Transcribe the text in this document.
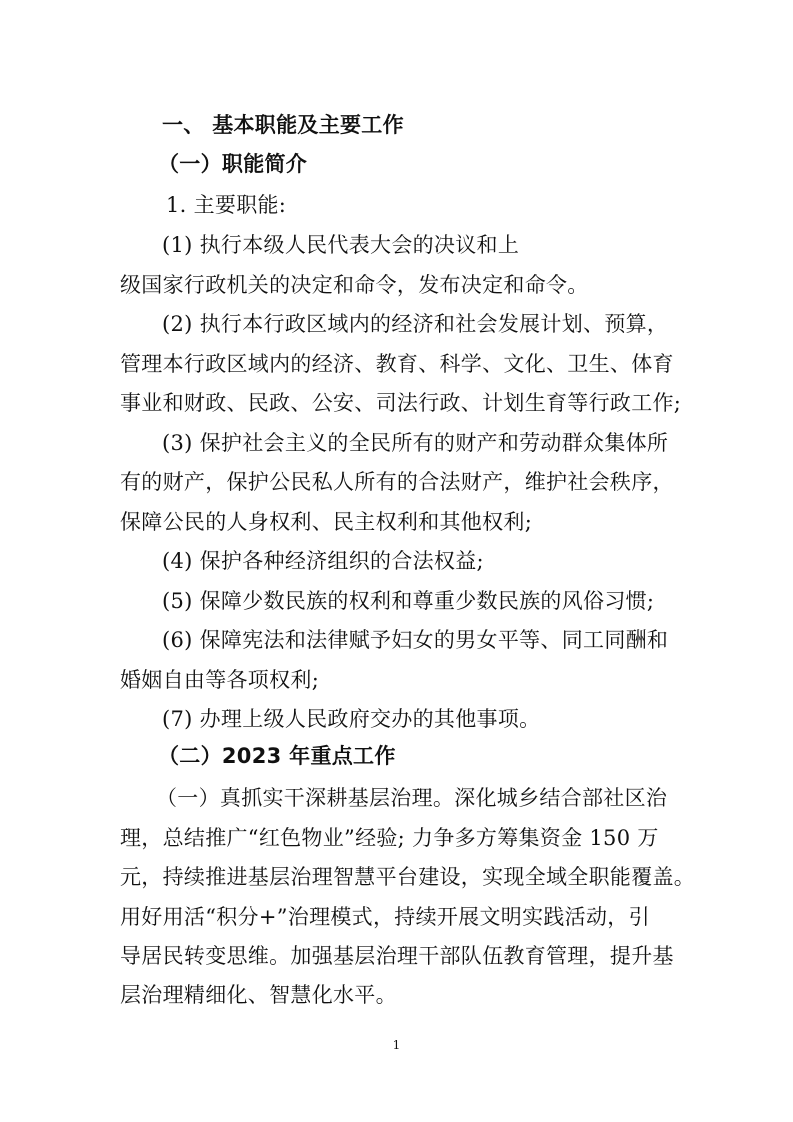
一、 基本职能及主要工作
（一）职能简介
1. 主要职能:
(1) 执行本级人民代表大会的决议和上
级国家行政机关的决定和命令，发布决定和命令。
(2) 执行本行政区域内的经济和社会发展计划、预算，
管理本行政区域内的经济、教育、科学、文化、卫生、体育
事业和财政、民政、公安、司法行政、计划生育等行政工作;
(3) 保护社会主义的全民所有的财产和劳动群众集体所
有的财产，保护公民私人所有的合法财产，维护社会秩序，
保障公民的人身权利、民主权利和其他权利;
(4) 保护各种经济组织的合法权益;
(5) 保障少数民族的权利和尊重少数民族的风俗习惯;
(6) 保障宪法和法律赋予妇女的男女平等、同工同酬和
婚姻自由等各项权利;
(7) 办理上级人民政府交办的其他事项。
（二）2023 年重点工作
（一）真抓实干深耕基层治理。深化城乡结合部社区治
理，总结推广“红色物业”经验; 力争多方筹集资金 150 万
元，持续推进基层治理智慧平台建设，实现全域全职能覆盖。
用好用活“积分+”治理模式，持续开展文明实践活动，引
导居民转变思维。加强基层治理干部队伍教育管理，提升基
层治理精细化、智慧化水平。
1
